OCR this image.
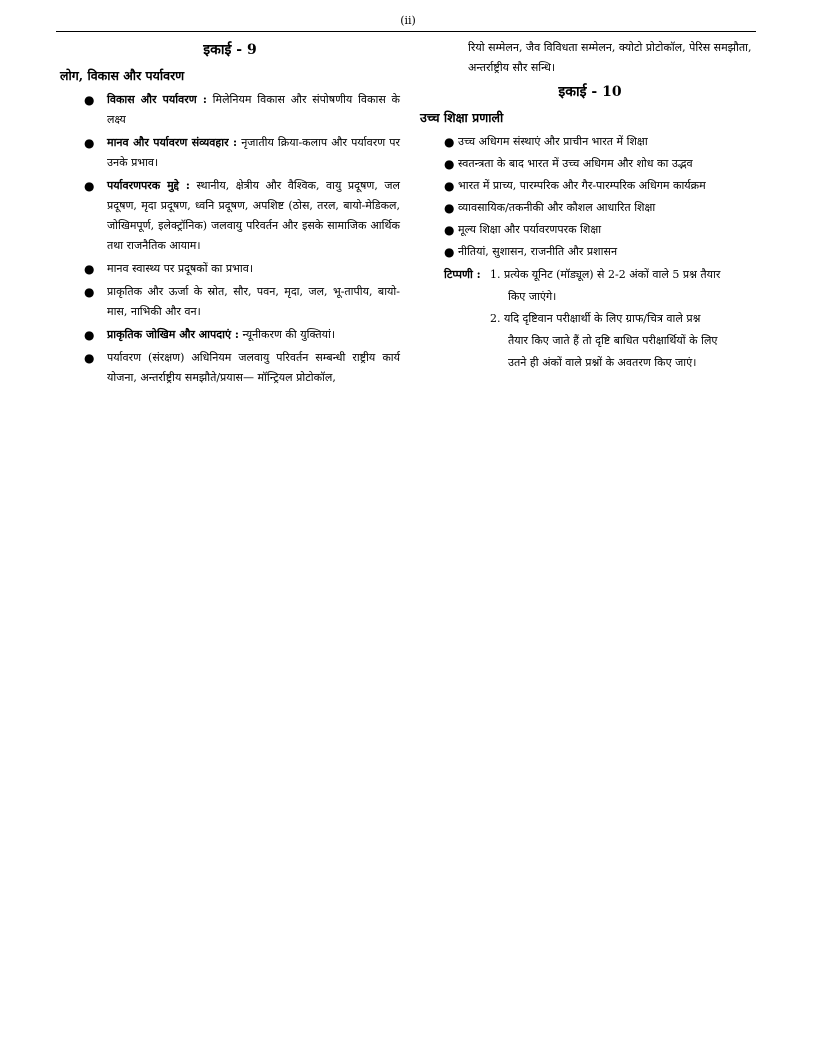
(ii)
इकाई - 9
लोग, विकास और पर्यावरण
● विकास और पर्यावरण : मिलेनियम विकास और संपोषणीय विकास के लक्ष्य
● मानव और पर्यावरण संव्यवहार : नृजातीय क्रिया-कलाप और पर्यावरण पर उनके प्रभाव।
● पर्यावरणपरक मुद्दे : स्थानीय, क्षेत्रीय और वैश्विक, वायु प्रदूषण, जल प्रदूषण, मृदा प्रदूषण, ध्वनि प्रदूषण, अपशिष्ट (ठोस, तरल, बायो-मेडिकल, जोखिमपूर्ण, इलेक्ट्रॉनिक) जलवायु परिवर्तन और इसके सामाजिक आर्थिक तथा राजनैतिक आयाम।
● मानव स्वास्थ्य पर प्रदूषकों का प्रभाव।
● प्राकृतिक और ऊर्जा के स्रोत, सौर, पवन, मृदा, जल, भू-तापीय, बायो-मास, नाभिकी और वन।
● प्राकृतिक जोखिम और आपदाएं : न्यूनीकरण की युक्तियां।
● पर्यावरण (संरक्षण) अधिनियम जलवायु परिवर्तन सम्बन्धी राष्ट्रीय कार्य योजना, अन्तर्राष्ट्रीय समझौते/प्रयास— मॉन्ट्रियल प्रोटोकॉल,
रियो सम्मेलन, जैव विविधता सम्मेलन, क्योटो प्रोटोकॉल, पेरिस समझौता, अन्तर्राष्ट्रीय सौर सन्धि।
इकाई - 10
उच्च शिक्षा प्रणाली
● उच्च अधिगम संस्थाएं और प्राचीन भारत में शिक्षा
● स्वतन्त्रता के बाद भारत में उच्च अधिगम और शोध का उद्भव
● भारत में प्राच्य, पारम्परिक और गैर-पारम्परिक अधिगम कार्यक्रम
● व्यावसायिक/तकनीकी और कौशल आधारित शिक्षा
● मूल्य शिक्षा और पर्यावरणपरक शिक्षा
● नीतियां, सुशासन, राजनीति और प्रशासन
टिप्पणी : 1. प्रत्येक यूनिट (मॉड्यूल) से 2-2 अंकों वाले 5 प्रश्न तैयार
किए जाएंगे।
2. यदि दृष्टिवान परीक्षार्थी के लिए ग्राफ/चित्र वाले प्रश्न
तैयार किए जाते हैं तो दृष्टि बाधित परीक्षार्थियों के लिए
उतने ही अंकों वाले प्रश्नों के अवतरण किए जाएं।
